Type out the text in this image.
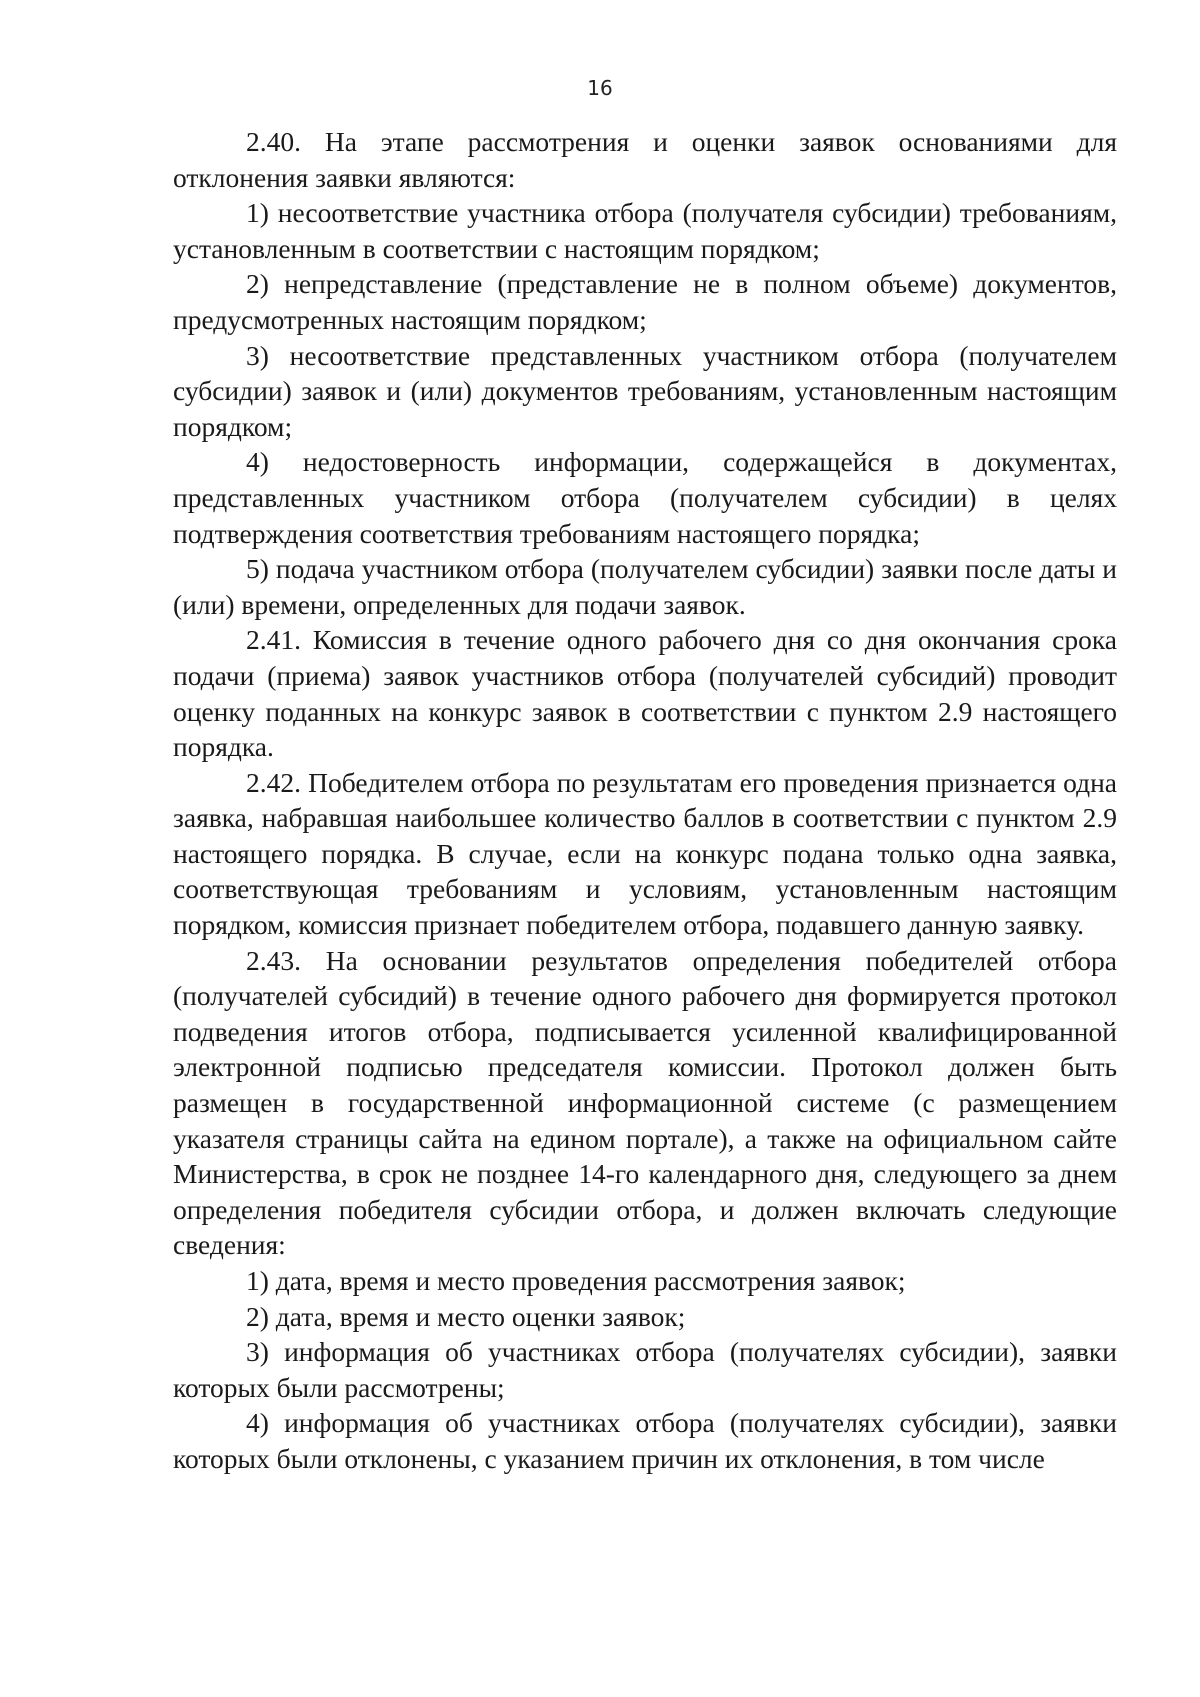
16

2.40. На этапе рассмотрения и оценки заявок основаниями для отклонения заявки являются:

1) несоответствие участника отбора (получателя субсидии) требованиям, установленным в соответствии с настоящим порядком;

2) непредставление (представление не в полном объеме) документов, предусмотренных настоящим порядком;

3) несоответствие представленных участником отбора (получателем субсидии) заявок и (или) документов требованиям, установленным настоящим порядком;

4) недостоверность информации, содержащейся в документах, представленных участником отбора (получателем субсидии) в целях подтверждения соответствия требованиям настоящего порядка;

5) подача участником отбора (получателем субсидии) заявки после даты и (или) времени, определенных для подачи заявок.

2.41. Комиссия в течение одного рабочего дня со дня окончания срока подачи (приема) заявок участников отбора (получателей субсидий) проводит оценку поданных на конкурс заявок в соответствии с пунктом 2.9 настоящего порядка.

2.42. Победителем отбора по результатам его проведения признается одна заявка, набравшая наибольшее количество баллов в соответствии с пунктом 2.9 настоящего порядка. В случае, если на конкурс подана только одна заявка, соответствующая требованиям и условиям, установленным настоящим порядком, комиссия признает победителем отбора, подавшего данную заявку.

2.43. На основании результатов определения победителей отбора (получателей субсидий) в течение одного рабочего дня формируется протокол подведения итогов отбора, подписывается усиленной квалифицированной электронной подписью председателя комиссии. Протокол должен быть размещен в государственной информационной системе (с размещением указателя страницы сайта на едином портале), а также на официальном сайте Министерства, в срок не позднее 14-го календарного дня, следующего за днем определения победителя субсидии отбора, и должен включать следующие сведения:

1) дата, время и место проведения рассмотрения заявок;

2) дата, время и место оценки заявок;

3) информация об участниках отбора (получателях субсидии), заявки которых были рассмотрены;

4) информация об участниках отбора (получателях субсидии), заявки которых были отклонены, с указанием причин их отклонения, в том числе
